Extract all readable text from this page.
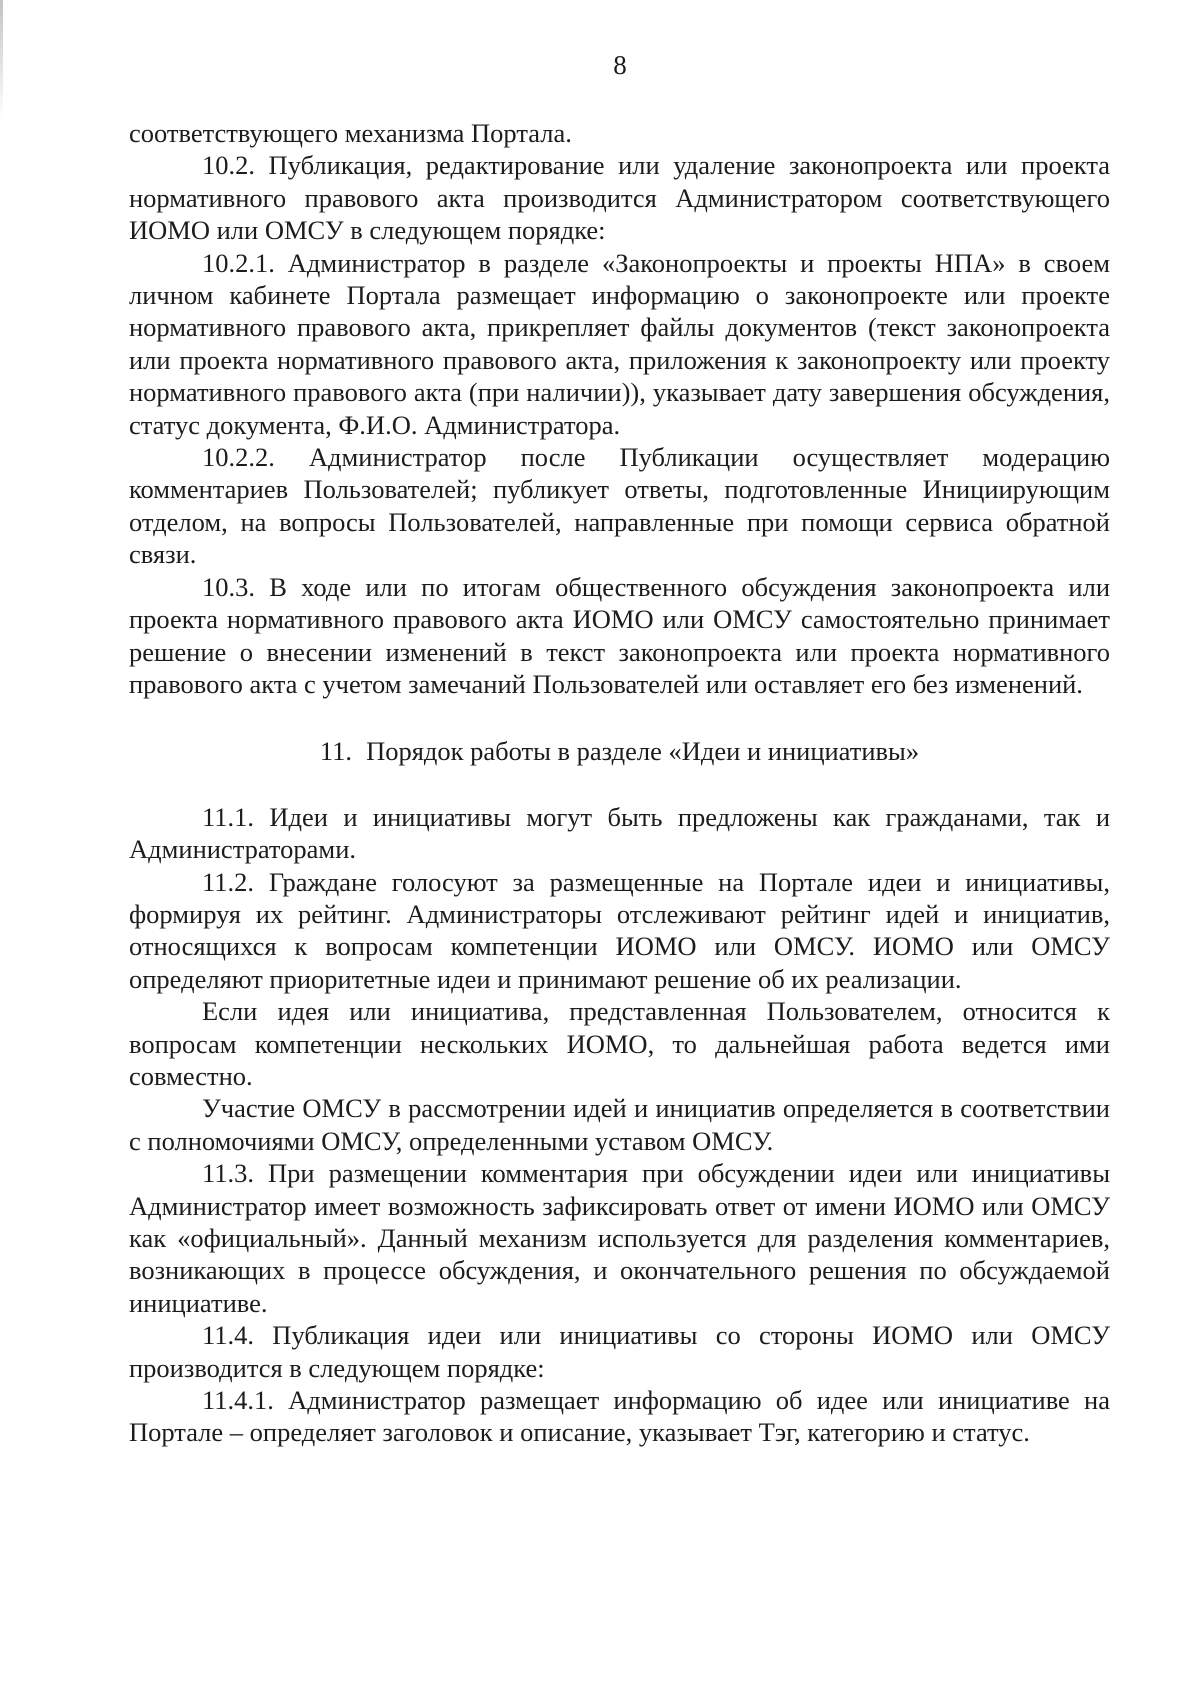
8

соответствующего механизма Портала.

10.2. Публикация, редактирование или удаление законопроекта или проекта нормативного правового акта производится Администратором соответствующего ИОМО или ОМСУ в следующем порядке:

10.2.1. Администратор в разделе «Законопроекты и проекты НПА» в своем личном кабинете Портала размещает информацию о законопроекте или проекте нормативного правового акта, прикрепляет файлы документов (текст законопроекта или проекта нормативного правового акта, приложения к законопроекту или проекту нормативного правового акта (при наличии)), указывает дату завершения обсуждения, статус документа, Ф.И.О. Администратора.

10.2.2. Администратор после Публикации осуществляет модерацию комментариев Пользователей; публикует ответы, подготовленные Инициирующим отделом, на вопросы Пользователей, направленные при помощи сервиса обратной связи.

10.3. В ходе или по итогам общественного обсуждения законопроекта или проекта нормативного правового акта ИОМО или ОМСУ самостоятельно принимает решение о внесении изменений в текст законопроекта или проекта нормативного правового акта с учетом замечаний Пользователей или оставляет его без изменений.

11. Порядок работы в разделе «Идеи и инициативы»

11.1. Идеи и инициативы могут быть предложены как гражданами, так и Администраторами.

11.2. Граждане голосуют за размещенные на Портале идеи и инициативы, формируя их рейтинг. Администраторы отслеживают рейтинг идей и инициатив, относящихся к вопросам компетенции ИОМО или ОМСУ. ИОМО или ОМСУ определяют приоритетные идеи и принимают решение об их реализации.

Если идея или инициатива, представленная Пользователем, относится к вопросам компетенции нескольких ИОМО, то дальнейшая работа ведется ими совместно.

Участие ОМСУ в рассмотрении идей и инициатив определяется в соответствии с полномочиями ОМСУ, определенными уставом ОМСУ.

11.3. При размещении комментария при обсуждении идеи или инициативы Администратор имеет возможность зафиксировать ответ от имени ИОМО или ОМСУ как «официальный». Данный механизм используется для разделения комментариев, возникающих в процессе обсуждения, и окончательного решения по обсуждаемой инициативе.

11.4. Публикация идеи или инициативы со стороны ИОМО или ОМСУ производится в следующем порядке:

11.4.1. Администратор размещает информацию об идее или инициативе на Портале – определяет заголовок и описание, указывает Тэг, категорию и статус.
